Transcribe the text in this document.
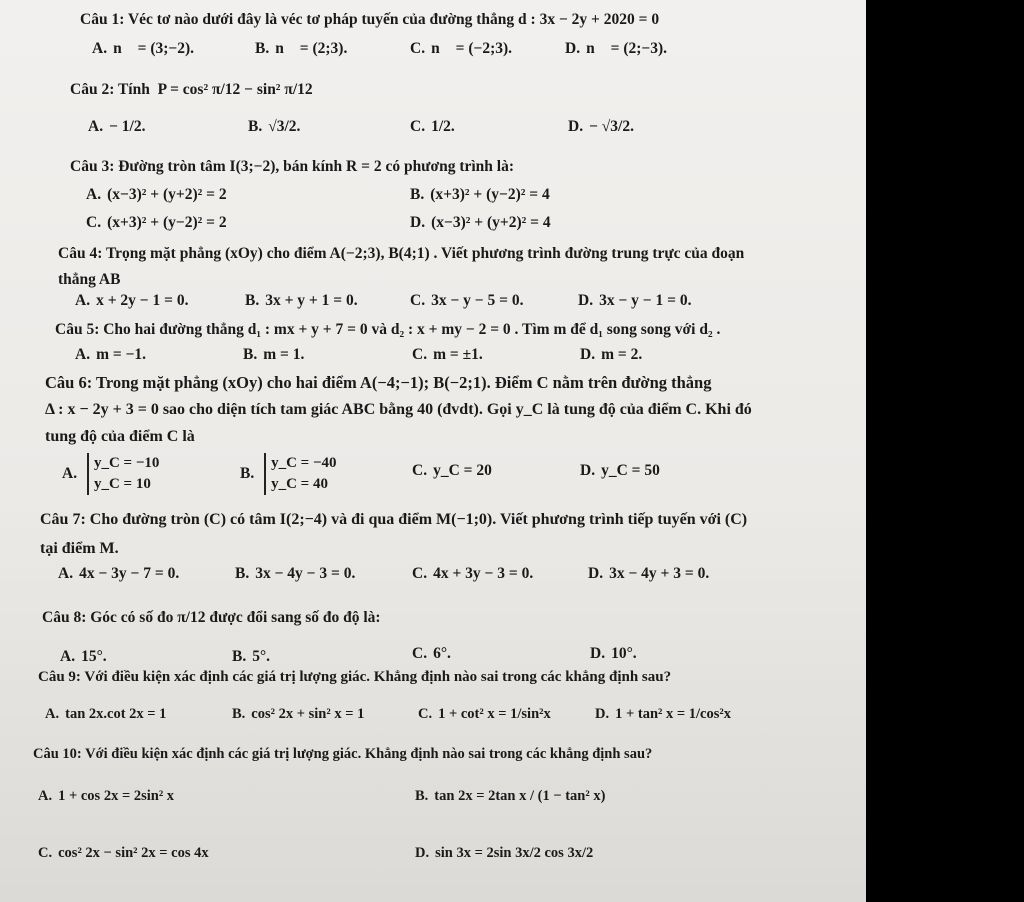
Câu 1: Véc tơ nào dưới đây là véc tơ pháp tuyến của đường thẳng d : 3x − 2y + 2020 = 0
A. n⃗ = (3;−2).	B. n⃗ = (2;3).	C. n⃗ = (−2;3).	D. n⃗ = (2;−3).
Câu 2: Tính P = cos² π/12 − sin² π/12
A. − 1/2.	B. √3/2.	C. 1/2.	D. − √3/2.
Câu 3: Đường tròn tâm I(3;−2), bán kính R = 2 có phương trình là:
A. (x−3)² + (y+2)² = 2	B. (x+3)² + (y−2)² = 4
C. (x+3)² + (y−2)² = 2	D. (x−3)² + (y+2)² = 4
Câu 4: Trọng mặt phẳng (xOy) cho điểm A(−2;3), B(4;1) . Viết phương trình đường trung trực của đoạn
thẳng AB
A. x + 2y − 1 = 0.	B. 3x + y + 1 = 0.	C. 3x − y − 5 = 0.	D. 3x − y − 1 = 0.
Câu 5: Cho hai đường thẳng d₁ : mx + y + 7 = 0 và d₂ : x + my − 2 = 0 . Tìm m để d₁ song song với d₂ .
A. m = −1.	B. m = 1.	C. m = ±1.	D. m = 2.
Câu 6: Trong mặt phẳng (xOy) cho hai điểm A(−4;−1); B(−2;1). Điểm C nằm trên đường thẳng
Δ : x − 2y + 3 = 0 sao cho diện tích tam giác ABC bằng 40 (đvdt). Gọi y_C là tung độ của điểm C. Khi đó
tung độ của điểm C là
A. y_C = −10
y_C = 10
B. y_C = −40
y_C = 40
C. y_C = 20	D. y_C = 50
Câu 7: Cho đường tròn (C) có tâm I(2;−4) và đi qua điểm M(−1;0). Viết phương trình tiếp tuyến với (C)
tại điểm M.
A. 4x − 3y − 7 = 0.	B. 3x − 4y − 3 = 0.	C. 4x + 3y − 3 = 0.	D. 3x − 4y + 3 = 0.
Câu 8: Góc có số đo π/12 được đổi sang số đo độ là:
A. 15°.	B. 5°.	C. 6°.	D. 10°.
Câu 9: Với điều kiện xác định các giá trị lượng giác. Khẳng định nào sai trong các khẳng định sau?
A. tan 2x.cot 2x = 1	B. cos² 2x + sin² x = 1	C. 1 + cot² x = 1/sin²x	D. 1 + tan² x = 1/cos²x
Câu 10: Với điều kiện xác định các giá trị lượng giác. Khẳng định nào sai trong các khẳng định sau?
A. 1 + cos 2x = 2sin² x	B. tan 2x = 2tan x / (1 − tan² x)
C. cos² 2x − sin² 2x = cos 4x	D. sin 3x = 2sin 3x/2 cos 3x/2
